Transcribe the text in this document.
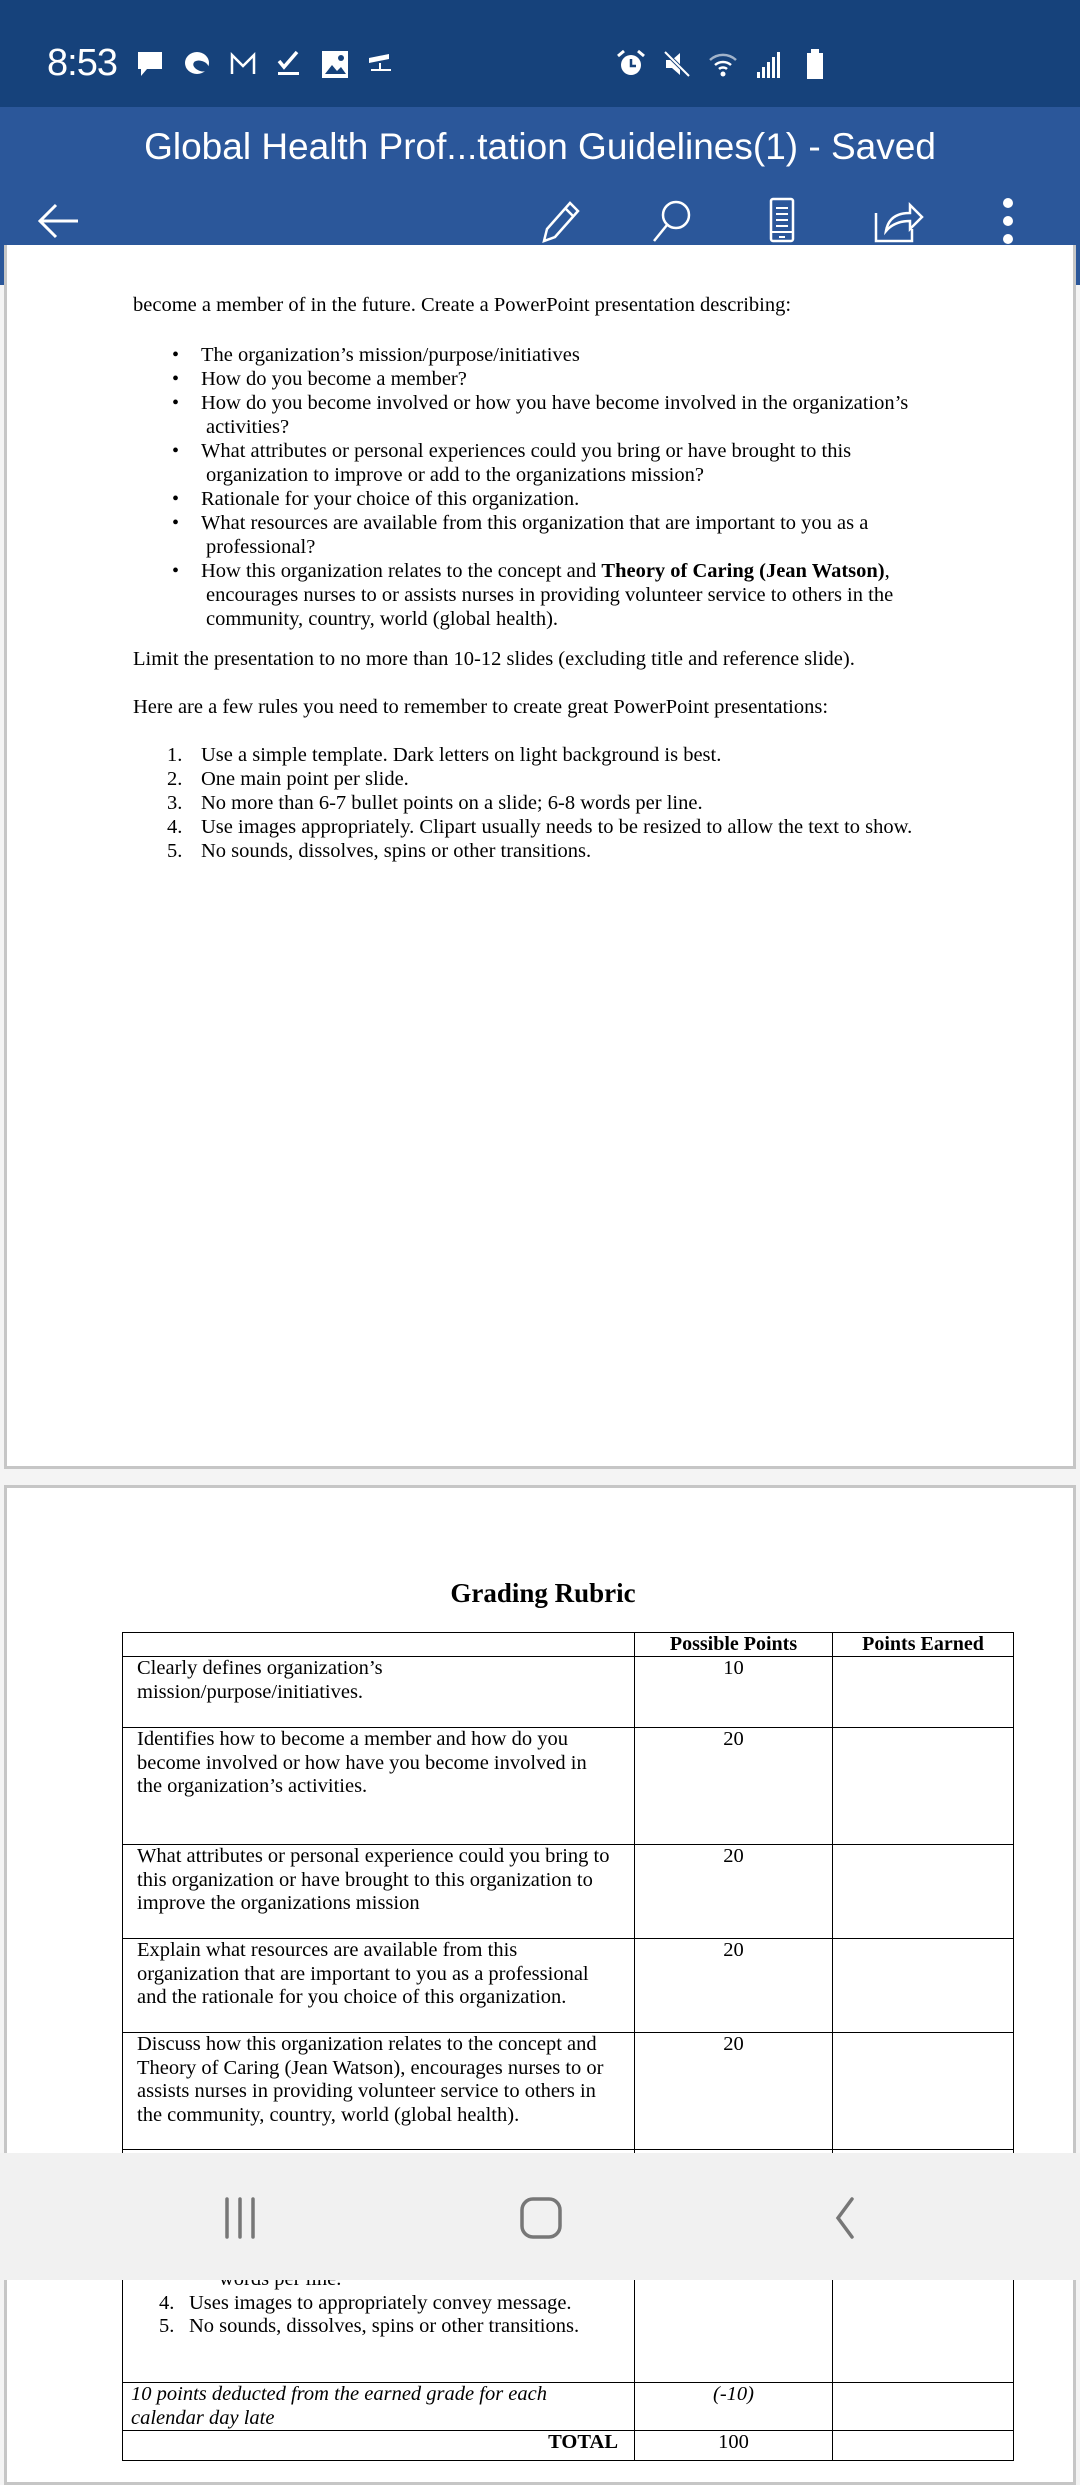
8:53
Global Health Prof...tation Guidelines(1) - Saved
become a member of in the future. Create a PowerPoint presentation describing:
• The organization’s mission/purpose/initiatives
• How do you become a member?
• How do you become involved or how you have become involved in the organization’s
activities?
• What attributes or personal experiences could you bring or have brought to this
organization to improve or add to the organizations mission?
• Rationale for your choice of this organization.
• What resources are available from this organization that are important to you as a
professional?
• How this organization relates to the concept and Theory of Caring (Jean Watson),
encourages nurses to or assists nurses in providing volunteer service to others in the
community, country, world (global health).
Limit the presentation to no more than 10-12 slides (excluding title and reference slide).
Here are a few rules you need to remember to create great PowerPoint presentations:
1. Use a simple template. Dark letters on light background is best.
2. One main point per slide.
3. No more than 6-7 bullet points on a slide; 6-8 words per line.
4. Use images appropriately. Clipart usually needs to be resized to allow the text to show.
5. No sounds, dissolves, spins or other transitions.
Grading Rubric
	Possible Points	Points Earned
Clearly defines organization’s
mission/purpose/initiatives.	10	
Identifies how to become a member and how do you
become involved or how have you become involved in
the organization’s activities.	20	
What attributes or personal experience could you bring to
this organization or have brought to this organization to
improve the organizations mission	20	
Explain what resources are available from this
organization that are important to you as a professional
and the rationale for you choice of this organization.	20	
Discuss how this organization relates to the concept and
Theory of Caring (Jean Watson), encourages nurses to or
assists nurses in providing volunteer service to others in
the community, country, world (global health).	20	

4. Uses images to appropriately convey message.
5. No sounds, dissolves, spins or other transitions.

10 points deducted from the earned grade for each
calendar day late	(-10)	
TOTAL	100	
